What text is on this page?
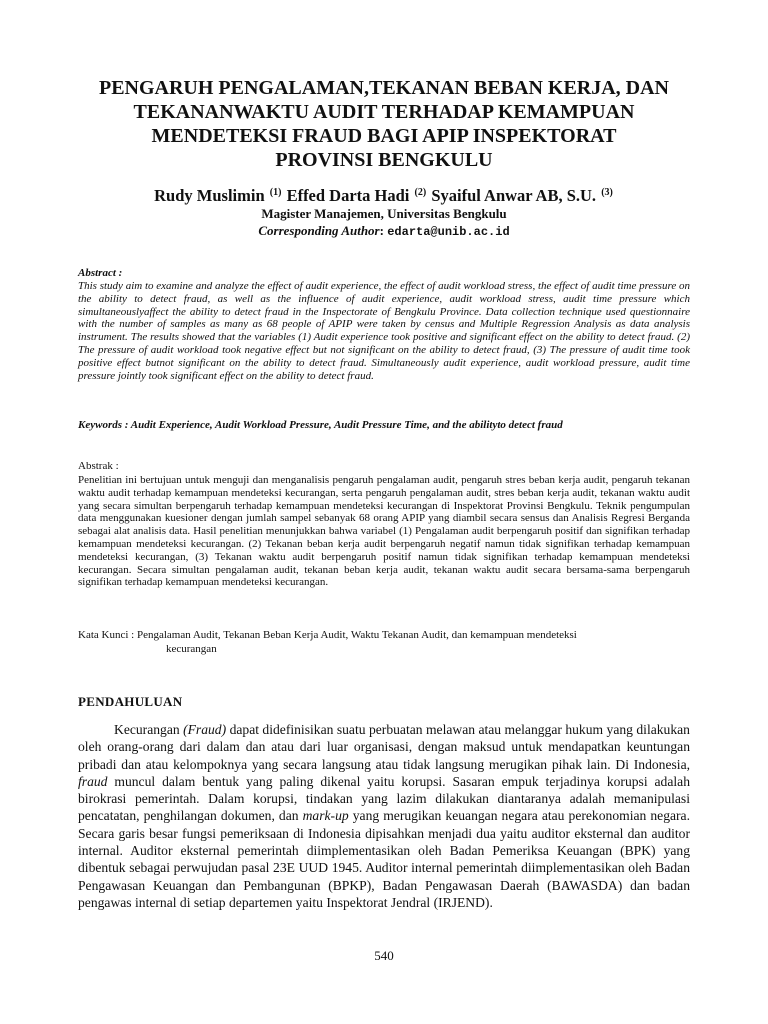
PENGARUH PENGALAMAN,TEKANAN BEBAN KERJA, DAN
TEKANANWAKTU AUDIT TERHADAP KEMAMPUAN
MENDETEKSI FRAUD BAGI APIP INSPEKTORAT
PROVINSI BENGKULU
Rudy Muslimin $^{(1)}$ Effed Darta Hadi $^{(2)}$ Syaiful Anwar AB, S.U. $^{(3)}$
Magister Manajemen, Universitas Bengkulu
Corresponding Author: edarta@unib.ac.id
Abstract :
This study aim to examine and analyze the effect of audit experience, the effect of audit workload stress, the effect of audit time pressure on the ability to detect fraud, as well as the influence of audit experience, audit workload stress, audit time pressure which simultaneouslyaffect the ability to detect fraud in the Inspectorate of Bengkulu Province. Data collection technique used questionnaire with the number of samples as many as 68 people of APIP were taken by census and Multiple Regression Analysis as data analysis instrument. The results showed that the variables (1) Audit experience took positive and significant effect on the ability to detect fraud. (2) The pressure of audit workload took negative effect but not significant on the ability to detect fraud, (3) The pressure of audit time took positive effect butnot significant on the ability to detect fraud. Simultaneously audit experience, audit workload pressure, audit time pressure jointly took significant effect on the ability to detect fraud.
Keywords : Audit Experience, Audit Workload Pressure, Audit Pressure Time, and the abilityto detect fraud
Abstrak :
Penelitian ini bertujuan untuk menguji dan menganalisis pengaruh pengalaman audit, pengaruh stres beban kerja audit, pengaruh tekanan waktu audit terhadap kemampuan mendeteksi kecurangan, serta pengaruh pengalaman audit, stres beban kerja audit, tekanan waktu audit yang secara simultan berpengaruh terhadap kemampuan mendeteksi kecurangan di Inspektorat Provinsi Bengkulu. Teknik pengumpulan data menggunakan kuesioner dengan jumlah sampel sebanyak 68 orang APIP yang diambil secara sensus dan Analisis Regresi Berganda sebagai alat analisis data. Hasil penelitian menunjukkan bahwa variabel (1) Pengalaman audit berpengaruh positif dan signifikan terhadap kemampuan mendeteksi kecurangan. (2) Tekanan beban kerja audit berpengaruh negatif namun tidak signifikan terhadap kemampuan mendeteksi kecurangan, (3) Tekanan waktu audit berpengaruh positif namun tidak signifikan terhadap kemampuan mendeteksi kecurangan. Secara simultan pengalaman audit, tekanan beban kerja audit, tekanan waktu audit secara bersama-sama berpengaruh signifikan terhadap kemampuan mendeteksi kecurangan.
Kata Kunci : Pengalaman Audit, Tekanan Beban Kerja Audit, Waktu Tekanan Audit, dan kemampuan mendeteksi
kecurangan
PENDAHULUAN

Kecurangan (Fraud) dapat didefinisikan suatu perbuatan melawan atau melanggar hukum yang dilakukan oleh orang-orang dari dalam dan atau dari luar organisasi, dengan maksud untuk mendapatkan keuntungan pribadi dan atau kelompoknya yang secara langsung atau tidak langsung merugikan pihak lain. Di Indonesia, fraud muncul dalam bentuk yang paling dikenal yaitu korupsi. Sasaran empuk terjadinya korupsi adalah birokrasi pemerintah. Dalam korupsi, tindakan yang lazim dilakukan diantaranya adalah memanipulasi pencatatan, penghilangan dokumen, dan mark-up yang merugikan keuangan negara atau perekonomian negara. Secara garis besar fungsi pemeriksaan di Indonesia dipisahkan menjadi dua yaitu auditor eksternal dan auditor internal. Auditor eksternal pemerintah diimplementasikan oleh Badan Pemeriksa Keuangan (BPK) yang dibentuk sebagai perwujudan pasal 23E UUD 1945. Auditor internal pemerintah diimplementasikan oleh Badan Pengawasan Keuangan dan Pembangunan (BPKP), Badan Pengawasan Daerah (BAWASDA) dan badan pengawas internal di setiap departemen yaitu Inspektorat Jendral (IRJEND).

540
